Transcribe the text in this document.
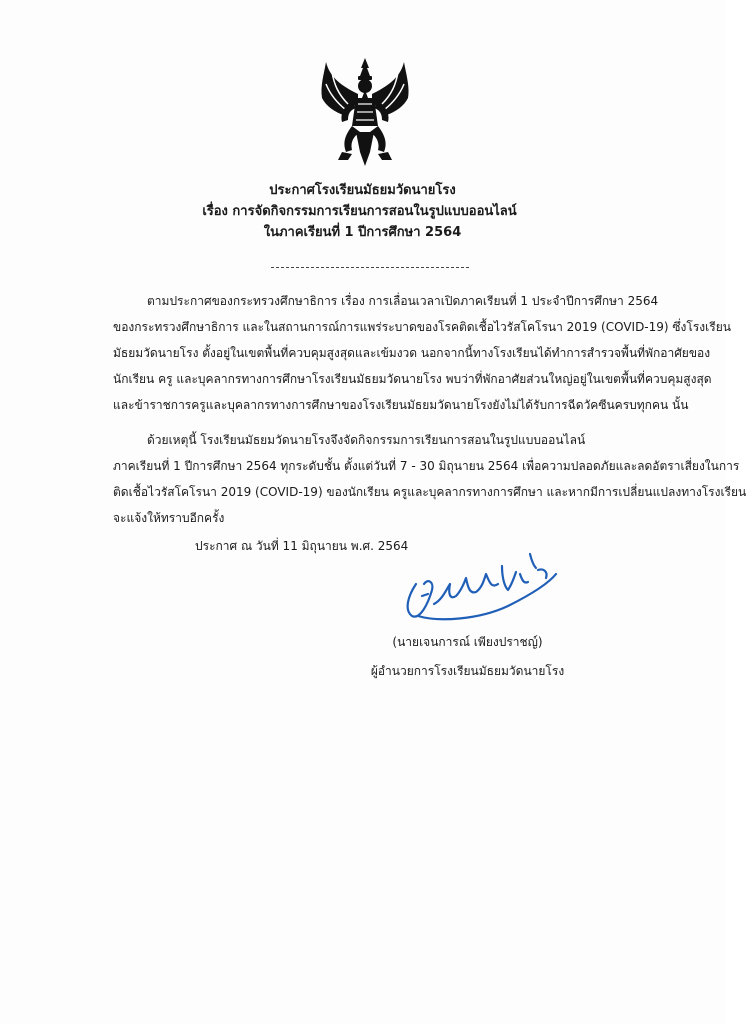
ประกาศโรงเรียนมัธยมวัดนายโรง
เรื่อง การจัดกิจกรรมการเรียนการสอนในรูปแบบออนไลน์
ในภาคเรียนที่ 1 ปีการศึกษา 2564
ตามประกาศของกระทรวงศึกษาธิการ เรื่อง การเลื่อนเวลาเปิดภาคเรียนที่ 1 ประจำปีการศึกษา 2564
ของกระทรวงศึกษาธิการ และในสถานการณ์การแพร่ระบาดของโรคติดเชื้อไวรัสโคโรนา 2019 (COVID-19) ซึ่งโรงเรียน
มัธยมวัดนายโรง ตั้งอยู่ในเขตพื้นที่ควบคุมสูงสุดและเข้มงวด นอกจากนี้ทางโรงเรียนได้ทำการสำรวจพื้นที่พักอาศัยของ
นักเรียน ครู และบุคลากรทางการศึกษาโรงเรียนมัธยมวัดนายโรง พบว่าที่พักอาศัยส่วนใหญ่อยู่ในเขตพื้นที่ควบคุมสูงสุด
และข้าราชการครูและบุคลากรทางการศึกษาของโรงเรียนมัธยมวัดนายโรงยังไม่ได้รับการฉีดวัคซีนครบทุกคน นั้น
ด้วยเหตุนี้ โรงเรียนมัธยมวัดนายโรงจึงจัดกิจกรรมการเรียนการสอนในรูปแบบออนไลน์
ภาคเรียนที่ 1 ปีการศึกษา 2564 ทุกระดับชั้น ตั้งแต่วันที่ 7 - 30 มิถุนายน 2564 เพื่อความปลอดภัยและลดอัตราเสี่ยงในการ
ติดเชื้อไวรัสโคโรนา 2019 (COVID-19) ของนักเรียน ครูและบุคลากรทางการศึกษา และหากมีการเปลี่ยนแปลงทางโรงเรียน
จะแจ้งให้ทราบอีกครั้ง
ประกาศ ณ วันที่ 11 มิถุนายน พ.ศ. 2564
(นายเจนการณ์ เพียงปราชญ์)
ผู้อำนวยการโรงเรียนมัธยมวัดนายโรง
